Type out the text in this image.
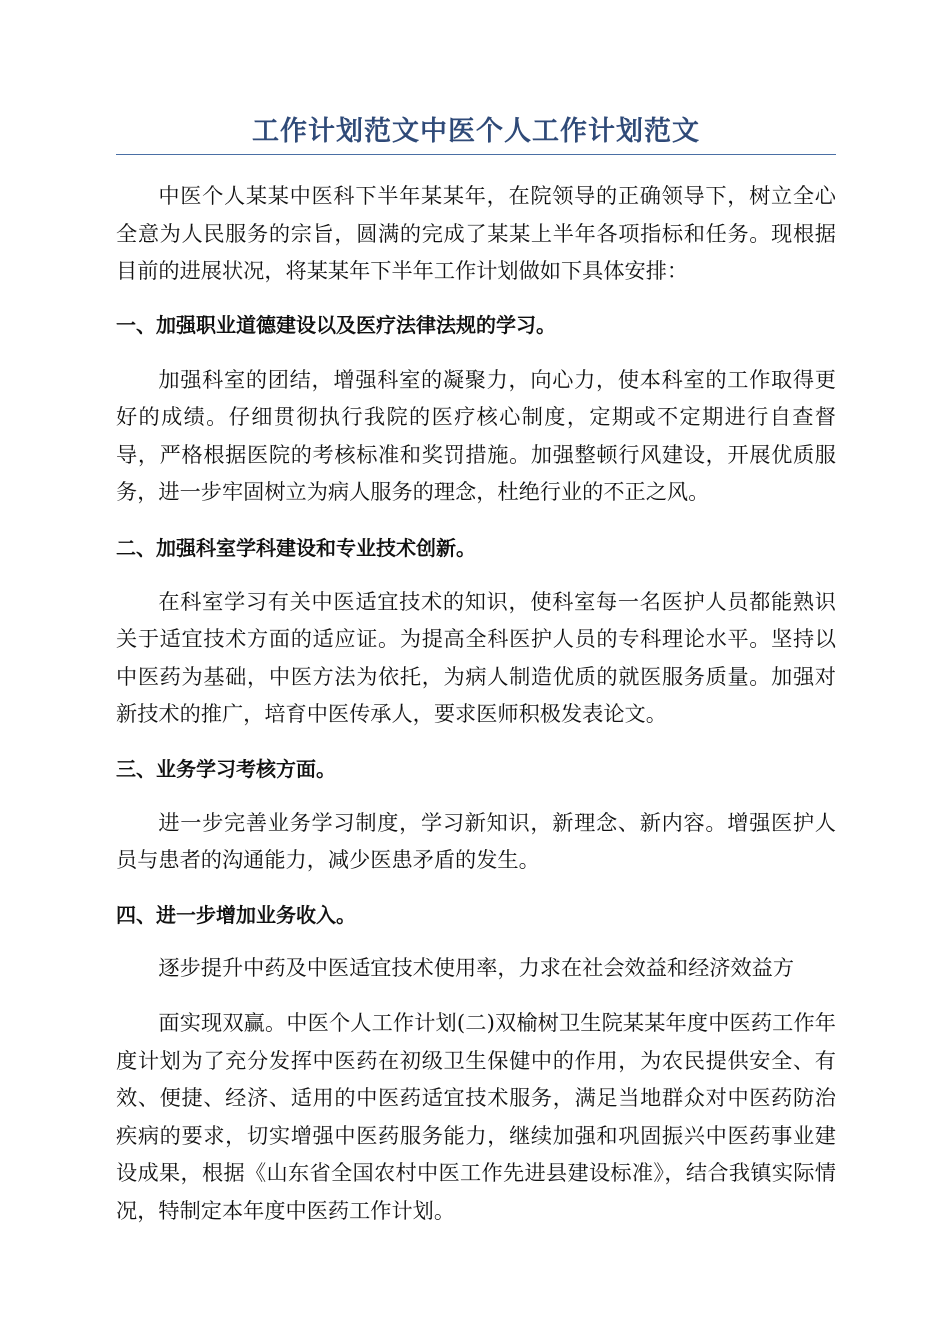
工作计划范文中医个人工作计划范文

中医个人某某中医科下半年某某年，在院领导的正确领导下，树立全心全意为人民服务的宗旨，圆满的完成了某某上半年各项指标和任务。现根据目前的进展状况，将某某年下半年工作计划做如下具体安排：

一、加强职业道德建设以及医疗法律法规的学习。

加强科室的团结，增强科室的凝聚力，向心力，使本科室的工作取得更好的成绩。仔细贯彻执行我院的医疗核心制度，定期或不定期进行自查督导，严格根据医院的考核标准和奖罚措施。加强整顿行风建设，开展优质服务，进一步牢固树立为病人服务的理念，杜绝行业的不正之风。

二、加强科室学科建设和专业技术创新。

在科室学习有关中医适宜技术的知识，使科室每一名医护人员都能熟识关于适宜技术方面的适应证。为提高全科医护人员的专科理论水平。坚持以中医药为基础，中医方法为依托，为病人制造优质的就医服务质量。加强对新技术的推广，培育中医传承人，要求医师积极发表论文。

三、业务学习考核方面。

进一步完善业务学习制度，学习新知识，新理念、新内容。增强医护人员与患者的沟通能力，减少医患矛盾的发生。

四、进一步增加业务收入。

逐步提升中药及中医适宜技术使用率，力求在社会效益和经济效益方

面实现双赢。中医个人工作计划(二)双榆树卫生院某某年度中医药工作年度计划为了充分发挥中医药在初级卫生保健中的作用，为农民提供安全、有效、便捷、经济、适用的中医药适宜技术服务，满足当地群众对中医药防治疾病的要求，切实增强中医药服务能力，继续加强和巩固振兴中医药事业建设成果，根据《山东省全国农村中医工作先进县建设标准》，结合我镇实际情况，特制定本年度中医药工作计划。
